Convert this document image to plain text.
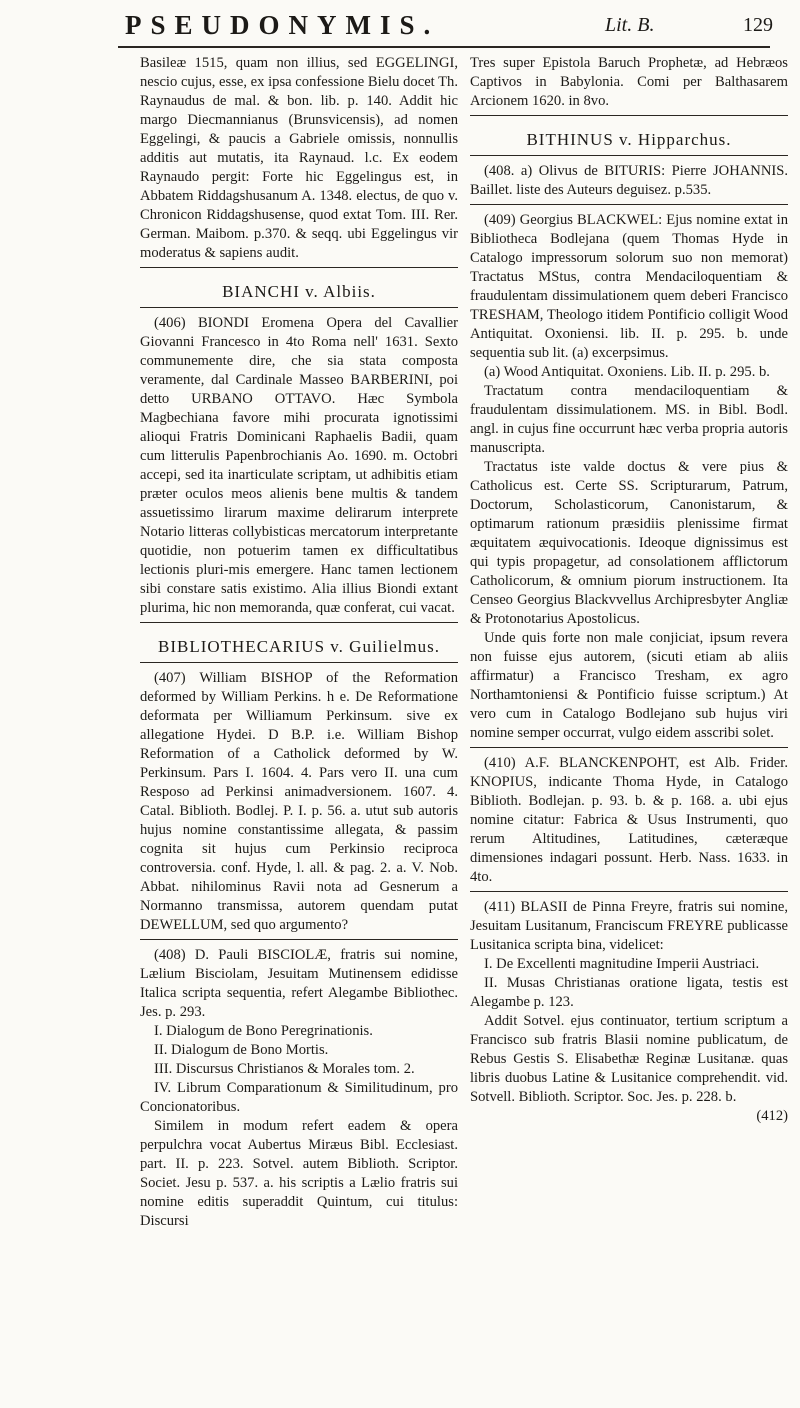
PSEUDONYMIS.	Lit. B.	129

Basileæ 1515, quam non illius, sed EGGELINGI, nescio cujus, esse, ex ipsa confessione Bielu docet Th. Raynaudus de mal. & bon. lib. p. 140. Addit hic margo Diecmannianus (Brunsvicensis), ad nomen Eggelingi, & paucis a Gabriele omissis, nonnullis additis aut mutatis, ita Raynaud. l.c. Ex eodem Raynaudo pergit: Forte hic Eggelingus est, in Abbatem Riddagshusanum A. 1348. electus, de quo v. Chronicon Riddagshusense, quod extat Tom. III. Rer. German. Maibom. p.370. & seqq. ubi Eggelingus vir moderatus & sapiens audit.

BIANCHI v. Albiis.

(406) BIONDI Eromena Opera del Cavallier Giovanni Francesco in 4to Roma nell' 1631. Sexto communemente dire, che sia stata composta veramente, dal Cardinale Masseo BARBERINI, poi detto URBANO OTTAVO. Hæc Symbola Magbechiana favore mihi procurata ignotissimi alioqui Fratris Dominicani Raphaelis Badii, quam cum litterulis Papenbrochianis Ao. 1690. m. Octobri accepi, sed ita inarticulate scriptam, ut adhibitis etiam præter oculos meos alienis bene multis & tandem assuetissimo lirarum maxime delirarum interprete Notario litteras collybisticas mercatorum interpretante quotidie, non potuerim tamen ex difficultatibus lectionis pluri-mis emergere. Hanc tamen lectionem sibi constare satis existimo. Alia illius Biondi extant plurima, hic non memoranda, quæ conferat, cui vacat.

BIBLIOTHECARIUS v. Guilielmus.

(407) William BISHOP of the Reformation deformed by William Perkins. h e. De Reformatione deformata per Williamum Perkinsum. sive ex allegatione Hydei. D B.P. i.e. William Bishop Reformation of a Catholick deformed by W. Perkinsum. Pars I. 1604. 4. Pars vero II. una cum Resposo ad Perkinsi animadversionem. 1607. 4. Catal. Biblioth. Bodlej. P. I. p. 56. a. utut sub autoris hujus nomine constantissime allegata, & passim cognita sit hujus cum Perkinsio reciproca controversia. conf. Hyde, l. all. & pag. 2. a. V. Nob. Abbat. nihilominus Ravii nota ad Gesnerum a Normanno transmissa, autorem quendam putat DEWELLUM, sed quo argumento?

(408) D. Pauli BISCIOLÆ, fratris sui nomine, Lælium Bisciolam, Jesuitam Mutinensem edidisse Italica scripta sequentia, refert Alegambe Bibliothec. Jes. p. 293.

I. Dialogum de Bono Peregrinationis.

II. Dialogum de Bono Mortis.

III. Discursus Christianos & Morales tom. 2.

IV. Librum Comparationum & Similitudinum, pro Concionatoribus.

Similem in modum refert eadem & opera perpulchra vocat Aubertus Miræus Bibl. Ecclesiast. part. II. p. 223. Sotvel. autem Biblioth. Scriptor. Societ. Jesu p. 537. a. his scriptis a Lælio fratris sui nomine editis superaddit Quintum, cui titulus: Discursi

Tres super Epistola Baruch Prophetæ, ad Hebræos Captivos in Babylonia. Comi per Balthasarem Arcionem 1620. in 8vo.

BITHINUS v. Hipparchus.

(408. a) Olivus de BITURIS: Pierre JOHANNIS. Baillet. liste des Auteurs deguisez. p.535.

(409) Georgius BLACKWEL: Ejus nomine extat in Bibliotheca Bodlejana (quem Thomas Hyde in Catalogo impressorum solorum suo non memorat) Tractatus MStus, contra Mendaciloquentiam & fraudulentam dissimulationem quem deberi Francisco TRESHAM, Theologo itidem Pontificio colligit Wood Antiquitat. Oxoniensi. lib. II. p. 295. b. unde sequentia sub lit. (a) excerpsimus.

(a) Wood Antiquitat. Oxoniens. Lib. II. p. 295. b.

Tractatum contra mendaciloquentiam & fraudulentam dissimulationem. MS. in Bibl. Bodl. angl. in cujus fine occurrunt hæc verba propria autoris manuscripta.

Tractatus iste valde doctus & vere pius & Catholicus est. Certe SS. Scripturarum, Patrum, Doctorum, Scholasticorum, Canonistarum, & optimarum rationum præsidiis plenissime firmat æquitatem æquivocationis. Ideoque dignissimus est qui typis propagetur, ad consolationem afflictorum Catholicorum, & omnium piorum instructionem. Ita Censeo Georgius Blackvvellus Archipresbyter Angliæ & Protonotarius Apostolicus.

Unde quis forte non male conjiciat, ipsum revera non fuisse ejus autorem, (sicuti etiam ab aliis affirmatur) a Francisco Tresham, ex agro Northamtoniensi & Pontificio fuisse scriptum.) At vero cum in Catalogo Bodlejano sub hujus viri nomine semper occurrat, vulgo eidem asscribi solet.

(410) A.F. BLANCKENPOHT, est Alb. Frider. KNOPIUS, indicante Thoma Hyde, in Catalogo Biblioth. Bodlejan. p. 93. b. & p. 168. a. ubi ejus nomine citatur: Fabrica & Usus Instrumenti, quo rerum Altitudines, Latitudines, cæteræque dimensiones indagari possunt. Herb. Nass. 1633. in 4to.

(411) BLASII de Pinna Freyre, fratris sui nomine, Jesuitam Lusitanum, Franciscum FREYRE publicasse Lusitanica scripta bina, videlicet:

I. De Excellenti magnitudine Imperii Austriaci.

II. Musas Christianas oratione ligata, testis est Alegambe p. 123.

Addit Sotvel. ejus continuator, tertium scriptum a Francisco sub fratris Blasii nomine publicatum, de Rebus Gestis S. Elisabethæ Reginæ Lusitanæ. quas libris duobus Latine & Lusitanice comprehendit. vid. Sotvell. Biblioth. Scriptor. Soc. Jes. p. 228. b.

(412)
